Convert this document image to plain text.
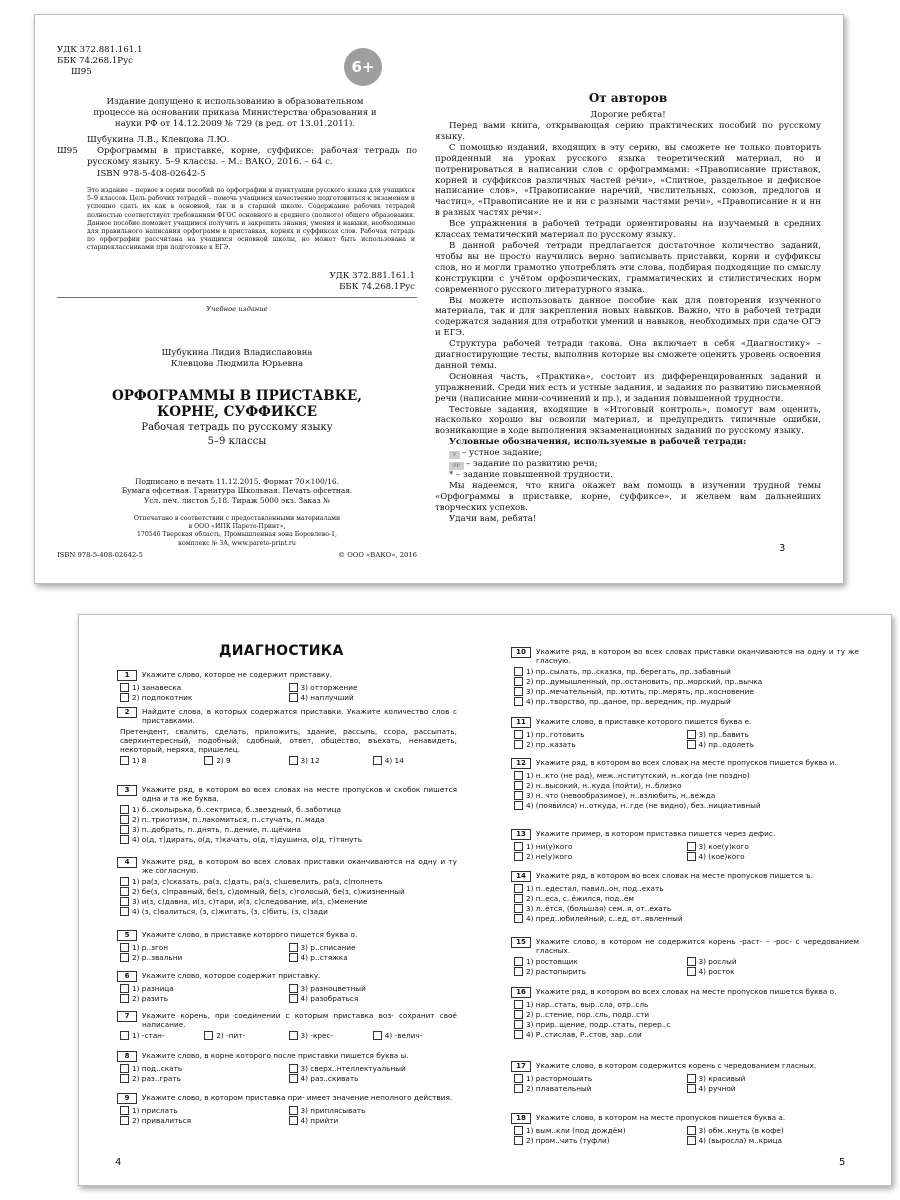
УДК 372.881.161.1
ББК 74.268.1Рус
Ш95	6+
Издание допущено к использованию в образовательном процессе на основании приказа Министерства образования и науки РФ от 14.12.2009 № 729 (в ред. от 13.01.2011).
Шубукина Л.В., Клевцова Л.Ю.
Ш95	Орфограммы в приставке, корне, суффиксе: рабочая тетрадь по русскому языку. 5–9 классы. – М.: ВАКО, 2016. – 64 с.
ISBN 978-5-408-02642-5
Это издание – первое в серии пособий по орфографии и пунктуации русского языка для учащихся 5–9 классов. Цель рабочих тетрадей – помочь учащимся качественно подготовиться к экзаменам и успешно сдать их как в основной, так и в старшей школе. Содержание рабочих тетрадей полностью соответствует требованиям ФГОС основного и среднего (полного) общего образования. Данное пособие поможет учащимся получить и закрепить знания, умения и навыки, необходимые для правильного написания орфограмм в приставках, корнях и суффиксах слов. Рабочая тетрадь по орфографии рассчитана на учащихся основной школы, но может быть использована и старшеклассниками при подготовке к ЕГЭ.
УДК 372.881.161.1
ББК 74.268.1Рус
Учебное издание
Шубукина Лидия Владиславовна
Клевцова Людмила Юрьевна
ОРФОГРАММЫ В ПРИСТАВКЕ,
КОРНЕ, СУФФИКСЕ
Рабочая тетрадь по русскому языку
5–9 классы
Подписано в печать 11.12.2015. Формат 70×100/16.
Бумага офсетная. Гарнитура Школьная. Печать офсетная.
Усл. печ. листов 5,18. Тираж 5000 экз. Заказ №
Отпечатано в соответствии с предоставленными материалами
в ООО «ИПК Парето-Принт»,
170546 Тверская область, Промышленная зона Боровлево-1,
комплекс № 3А, www.pareto-print.ru
ISBN 978-5-408-02642-5	© ООО «ВАКО», 2016
От авторов
Дорогие ребята!
Перед вами книга, открывающая серию практических пособий по русскому языку.
С помощью изданий, входящих в эту серию, вы сможете не только повторить пройденный на уроках русского языка теоретический материал, но и потренироваться в написании слов с орфограммами: «Правописание приставок, корней и суффиксов различных частей речи», «Слитное, раздельное и дефисное написание слов», «Правописание наречий, числительных, союзов, предлогов и частиц», «Правописание не и ни с разными частями речи», «Правописание н и нн в разных частях речи».
Все упражнения в рабочей тетради ориентированы на изучаемый в средних классах тематический материал по русскому языку.
В данной рабочей тетради предлагается достаточное количество заданий, чтобы вы не просто научились верно записывать приставки, корни и суффиксы слов, но и могли грамотно употреблять эти слова, подбирая подходящие по смыслу конструкции с учётом орфоэпических, грамматических и стилистических норм современного русского литературного языка.
Вы можете использовать данное пособие как для повторения изученного материала, так и для закрепления новых навыков. Важно, что в рабочей тетради содержатся задания для отработки умений и навыков, необходимых при сдаче ОГЭ и ЕГЭ.
Структура рабочей тетради такова. Она включает в себя «Диагностику» – диагностирующие тесты, выполнив которые вы сможете оценить уровень освоения данной темы.
Основная часть, «Практика», состоит из дифференцированных заданий и упражнений. Среди них есть и устные задания, и задания по развитию письменной речи (написание мини-сочинений и пр.), и задания повышенной трудности.
Тестовые задания, входящие в «Итоговый контроль», помогут вам оценить, насколько хорошо вы освоили материал, и предупредить типичные ошибки, возникающие в ходе выполнения экзаменационных заданий по русскому языку.
Условные обозначения, используемые в рабочей тетради:
У – устное задание;
РР – задание по развитию речи;
* – задание повышенной трудности.
Мы надеемся, что книга окажет вам помощь в изучении трудной темы «Орфограммы в приставке, корне, суффиксе», и желаем вам дальнейших творческих успехов.
Удачи вам, ребята!
3
ДИАГНОСТИКА
1	Укажите слово, которое не содержит приставку.
1) занавеска	3) отторжение
2) подлокотник	4) наплучший
2	Найдите слова, в которых содержатся приставки. Укажите количество слов с приставками.
Претендент, свалить, сделать, приложить, здание, рассыпь, ссора, рассыпать, сверхинтересный, подобный, сдобный, ответ, общество, въехать, ненавидеть, некоторый, неряха, пришелец.
1) 8	2) 9	3) 12	4) 14
3	Укажите ряд, в котором во всех словах на месте пропусков и скобок пишется одна и та же буква.
1) б..сколырька, б..сектриса, б..звездный, б..заботица
2) п..триотизм, п..лакомиться, п..стучать, п..мада
3) п..добрать, п..днять, п..дение, п..щёчина
4) о(д, т)дирать, о(д, т)качать, о(д, т)душина, о(д, т)тянуть
4	Укажите ряд, в котором во всех словах приставки оканчиваются на одну и ту же согласную.
1) ра(з, с)сказать, ра(з, с)дать, ра(з, с)шевелить, ра(з, с)полнеть
2) бе(з, с)правный, бе(з, с)домный, бе(з, с)голосый, бе(з, с)жизненный
3) и(з, с)давна, и(з, с)тари, и(з, с)следование, и(з, с)менение
4) (з, с)валиться, (з, с)жигать, (з, с)бить, (з, с)зади
5	Укажите слово, в приставке которого пишется буква о.
1) р..згон	3) р..списание
2) р..звальни	4) р..стяжка
6	Укажите слово, которое содержит приставку.
1) разница	3) разноцветный
2) разить	4) разобраться
7	Укажите корень, при соединении с которым приставка воз- сохранит своё написание.
1) -стан-	2) -пит-	3) -крес-	4) -велич-
8	Укажите слово, в корне которого после приставки пишется буква ы.
1) под..скать	3) сверх..нтеллектуальный
2) раз..грать	4) раз..скивать
9	Укажите слово, в котором приставка при- имеет значение неполного действия.
1) прислать	3) приплясывать
2) привалиться	4) прийти
10	Укажите ряд, в котором во всех словах приставки оканчиваются на одну и ту же гласную.
1) пр..сылать, пр..сказка, пр..берегать, пр..забавный
2) пр..думышленный, пр..остановить, пр..морский, пр..вычка
3) пр..мечательный, пр..ютить, пр..мерять, пр..косновение
4) пр..творство, пр..даное, пр..вередник, пр..мудрый
11	Укажите слово, в приставке которого пишется буква е.
1) пр..готовить	3) пр..бавить
2) пр..казать	4) пр..одолеть
12	Укажите ряд, в котором во всех словах на месте пропусков пишется буква и.
1) н..кто (не рад), меж..нститутский, н..когда (не поздно)
2) н..высокий, н..куда (пойти), н..близко
3) н..что (невообразимое), н..взлюбить, н..вежда
4) (появился) н..откуда, н..где (не видно), без..нициативный
13	Укажите пример, в котором приставка пишется через дефис.
1) ни(у)кого	3) кое(у)кого
2) не(у)кого	4) (кое)кого
14	Укажите ряд, в котором во всех словах на месте пропусков пишется ъ.
1) п..едестал, павил..он, под..ехать
2) п..еса, с..ёжился, под..ём
3) л..ётся, (большая) сем..я, от..ехать
4) пред..юбилейный, с..ед, от..явленный
15	Укажите слово, в котором не содержится корень -раст- – -рос- с чередованием гласных.
1) ростовщик	3) рослый
2) растопырить	4) росток
16	Укажите ряд, в котором во всех словах на месте пропусков пишется буква о.
1) нар..стать, выр..сла, отр..сль
2) р..стение, пор..сль, подр..сти
3) прир..щение, подр..стать, перер..с
4) Р..стислав, Р..стов, зар..сли
17	Укажите слово, в котором содержится корень с чередованием гласных.
1) растормошить	3) красивый
2) плавательный	4) ручной
18	Укажите слово, в котором на месте пропусков пишется буква а.
1) вым..кли (под дождём)	3) обм..кнуть (в кофе)
2) пром..чить (туфли)	4) (выросла) м..крица
4	5
